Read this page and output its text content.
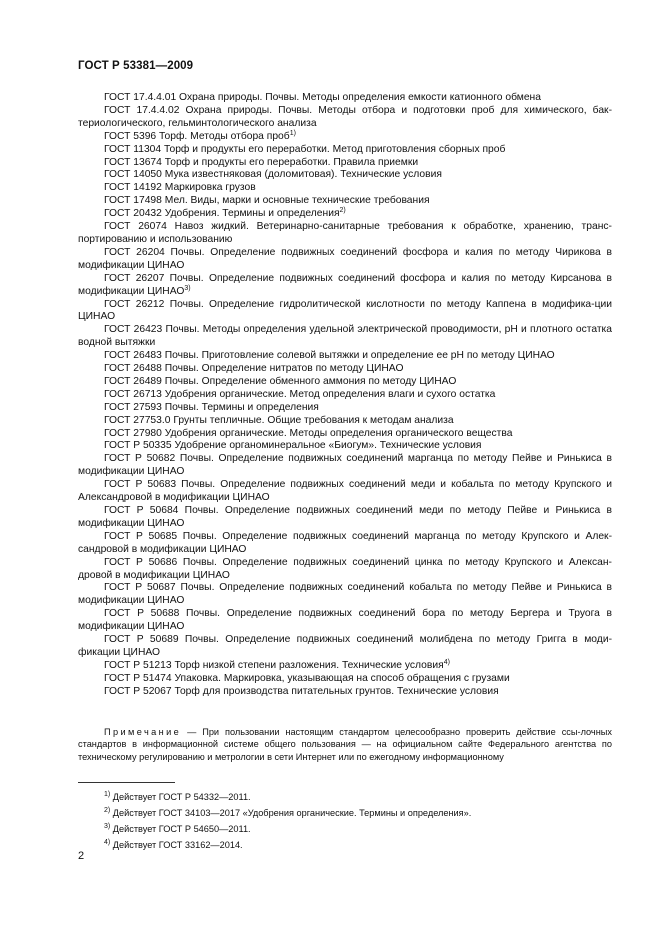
ГОСТ Р 53381—2009

ГОСТ 17.4.4.01 Охрана природы. Почвы. Методы определения емкости катионного обмена

ГОСТ 17.4.4.02 Охрана природы. Почвы. Методы отбора и подготовки проб для химического, бак-териологического, гельминтологического анализа

ГОСТ 5396 Торф. Методы отбора проб$^{1)}$

ГОСТ 11304 Торф и продукты его переработки. Метод приготовления сборных проб

ГОСТ 13674 Торф и продукты его переработки. Правила приемки

ГОСТ 14050 Мука известняковая (доломитовая). Технические условия

ГОСТ 14192 Маркировка грузов

ГОСТ 17498 Мел. Виды, марки и основные технические требования

ГОСТ 20432 Удобрения. Термины и определения$^{2)}$

ГОСТ 26074 Навоз жидкий. Ветеринарно-санитарные требования к обработке, хранению, транс-портированию и использованию

ГОСТ 26204 Почвы. Определение подвижных соединений фосфора и калия по методу Чирикова в модификации ЦИНАО

ГОСТ 26207 Почвы. Определение подвижных соединений фосфора и калия по методу Кирсанова в модификации ЦИНАО$^{3)}$

ГОСТ 26212 Почвы. Определение гидролитической кислотности по методу Каппена в модифика-ции ЦИНАО

ГОСТ 26423 Почвы. Методы определения удельной электрической проводимости, рН и плотного остатка водной вытяжки

ГОСТ 26483 Почвы. Приготовление солевой вытяжки и определение ее рН по методу ЦИНАО

ГОСТ 26488 Почвы. Определение нитратов по методу ЦИНАО

ГОСТ 26489 Почвы. Определение обменного аммония по методу ЦИНАО

ГОСТ 26713 Удобрения органические. Метод определения влаги и сухого остатка

ГОСТ 27593 Почвы. Термины и определения

ГОСТ 27753.0 Грунты тепличные. Общие требования к методам анализа

ГОСТ 27980 Удобрения органические. Методы определения органического вещества

ГОСТ Р 50335 Удобрение органоминеральное «Биогум». Технические условия

ГОСТ Р 50682 Почвы. Определение подвижных соединений марганца по методу Пейве и Ринькиса в модификации ЦИНАО

ГОСТ Р 50683 Почвы. Определение подвижных соединений меди и кобальта по методу Крупского и Александровой в модификации ЦИНАО

ГОСТ Р 50684 Почвы. Определение подвижных соединений меди по методу Пейве и Ринькиса в модификации ЦИНАО

ГОСТ Р 50685 Почвы. Определение подвижных соединений марганца по методу Крупского и Алек-сандровой в модификации ЦИНАО

ГОСТ Р 50686 Почвы. Определение подвижных соединений цинка по методу Крупского и Алексан-дровой в модификации ЦИНАО

ГОСТ Р 50687 Почвы. Определение подвижных соединений кобальта по методу Пейве и Ринькиса в модификации ЦИНАО

ГОСТ Р 50688 Почвы. Определение подвижных соединений бора по методу Бергера и Труога в модификации ЦИНАО

ГОСТ Р 50689 Почвы. Определение подвижных соединений молибдена по методу Григга в моди-фикации ЦИНАО

ГОСТ Р 51213 Торф низкой степени разложения. Технические условия$^{4)}$

ГОСТ Р 51474 Упаковка. Маркировка, указывающая на способ обращения с грузами

ГОСТ Р 52067 Торф для производства питательных грунтов. Технические условия

Примечание — При пользовании настоящим стандартом целесообразно проверить действие ссы-лочных стандартов в информационной системе общего пользования — на официальном сайте Федерального агентства по техническому регулированию и метрологии в сети Интернет или по ежегодному информационному

$^{1)}$ Действует ГОСТ Р 54332—2011.

$^{2)}$ Действует ГОСТ 34103—2017 «Удобрения органические. Термины и определения».

$^{3)}$ Действует ГОСТ Р 54650—2011.

$^{4)}$ Действует ГОСТ 33162—2014.

2
